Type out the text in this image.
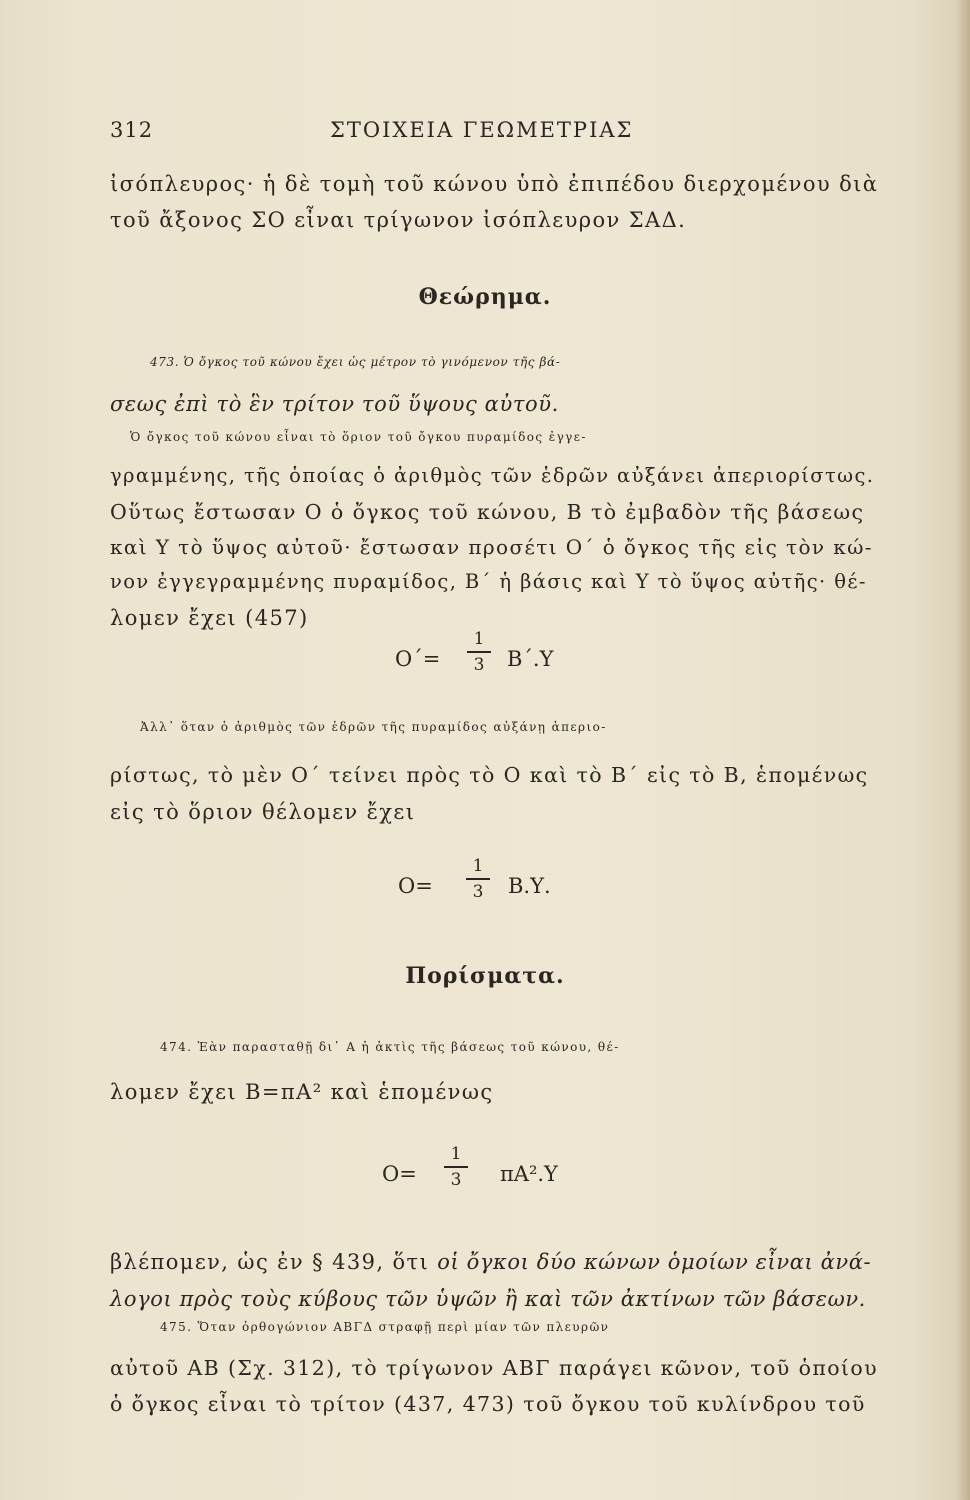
312	ΣΤΟΙΧΕΙΑ ΓΕΩΜΕΤΡΙΑΣ
ἰσόπλευρος· ἡ δὲ τομὴ τοῦ κώνου ὑπὸ ἐπιπέδου διερχομένου διὰ
τοῦ ἄξονος ΣΟ εἶναι τρίγωνον ἰσόπλευρον ΣΑΔ.
Θεώρημα.
473. Ὁ ὄγκος τοῦ κώνου ἔχει ὡς μέτρον τὸ γινόμενον τῆς βά-
σεως ἐπὶ τὸ ἓν τρίτον τοῦ ὕψους αὐτοῦ.
Ὁ ὄγκος τοῦ κώνου εἶναι τὸ ὅριον τοῦ ὄγκου πυραμίδος ἐγγε-
γραμμένης, τῆς ὁποίας ὁ ἀριθμὸς τῶν ἑδρῶν αὐξάνει ἀπεριορίστως.
Οὕτως ἔστωσαν Ο ὁ ὄγκος τοῦ κώνου, Β τὸ ἐμβαδὸν τῆς βάσεως
καὶ Υ τὸ ὕψος αὐτοῦ· ἔστωσαν προσέτι Ο΄ ὁ ὄγκος τῆς εἰς τὸν κώ-
νον ἐγγεγραμμένης πυραμίδος, Β΄ ἡ βάσις καὶ Υ τὸ ὕψος αὐτῆς· θέ-
λομεν ἔχει (457)
Ο΄=
1
3	Β΄.Υ
Ἀλλ᾽ ὅταν ὁ ἀριθμὸς τῶν ἑδρῶν τῆς πυραμίδος αὐξάνῃ ἀπεριο-
ρίστως, τὸ μὲν Ο΄ τείνει πρὸς τὸ Ο καὶ τὸ Β΄ εἰς τὸ Β, ἑπομένως
εἰς τὸ ὅριον θέλομεν ἔχει
Ο=
1
3	Β.Υ.
Πορίσματα.
474. Ἐὰν παρασταθῇ δι᾽ Α ἡ ἀκτὶς τῆς βάσεως τοῦ κώνου, θέ-
λομεν ἔχει Β=πΑ² καὶ ἑπομένως
Ο=
1
3	πΑ².Υ
βλέπομεν, ὡς ἐν § 439, ὅτι οἱ ὄγκοι δύο κώνων ὁμοίων εἶναι ἀνά-
λογοι πρὸς τοὺς κύβους τῶν ὑψῶν ἢ καὶ τῶν ἀκτίνων τῶν βάσεων.
475. Ὅταν ὀρθογώνιον ΑΒΓΔ στραφῇ περὶ μίαν τῶν πλευρῶν
αὐτοῦ ΑΒ (Σχ. 312), τὸ τρίγωνον ΑΒΓ παράγει κῶνον, τοῦ ὁποίου
ὁ ὄγκος εἶναι τὸ τρίτον (437, 473) τοῦ ὄγκου τοῦ κυλίνδρου τοῦ
